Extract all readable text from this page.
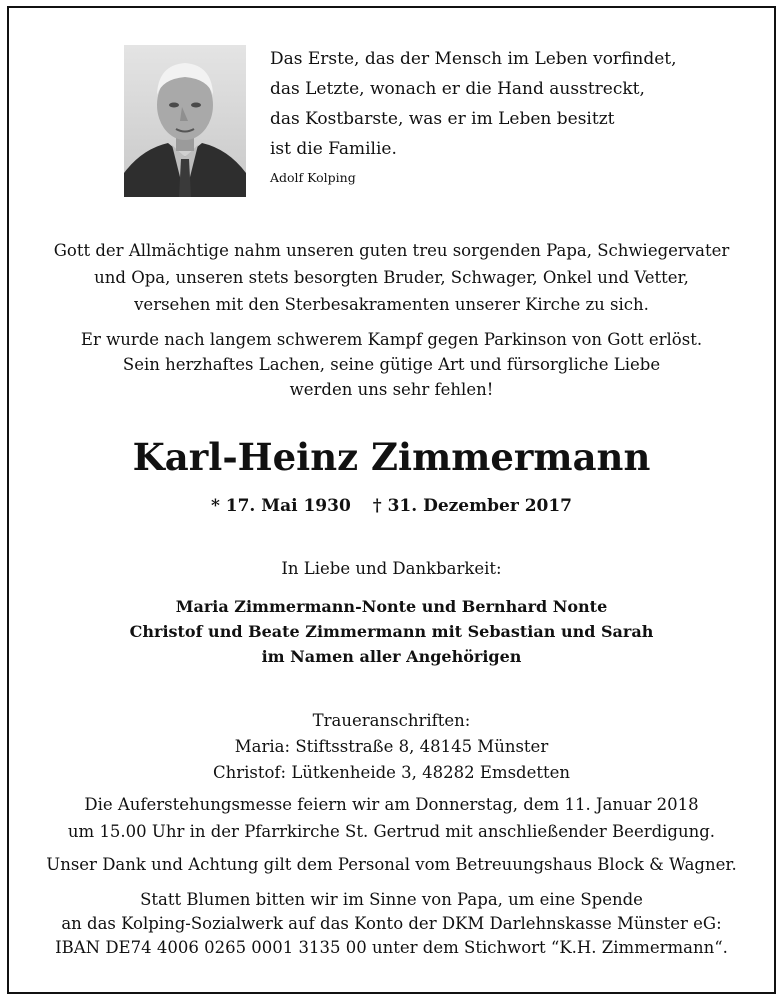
Das Erste, das der Mensch im Leben vorfindet,
das Letzte, wonach er die Hand ausstreckt,
das Kostbarste, was er im Leben besitzt
ist die Familie.
Adolf Kolping
Gott der Allmächtige nahm unseren guten treu sorgenden Papa, Schwiegervater
und Opa, unseren stets besorgten Bruder, Schwager, Onkel und Vetter,
versehen mit den Sterbesakramenten unserer Kirche zu sich.
Er wurde nach langem schwerem Kampf gegen Parkinson von Gott erlöst.
Sein herzhaftes Lachen, seine gütige Art und fürsorgliche Liebe
werden uns sehr fehlen!
Karl-Heinz Zimmermann
* 17. Mai 1930 † 31. Dezember 2017
In Liebe und Dankbarkeit:
Maria Zimmermann-Nonte und Bernhard Nonte
Christof und Beate Zimmermann mit Sebastian und Sarah
im Namen aller Angehörigen
Traueranschriften:
Maria: Stiftsstraße 8, 48145 Münster
Christof: Lütkenheide 3, 48282 Emsdetten
Die Auferstehungsmesse feiern wir am Donnerstag, dem 11. Januar 2018
um 15.00 Uhr in der Pfarrkirche St. Gertrud mit anschließender Beerdigung.
Unser Dank und Achtung gilt dem Personal vom Betreuungshaus Block & Wagner.
Statt Blumen bitten wir im Sinne von Papa, um eine Spende
an das Kolping-Sozialwerk auf das Konto der DKM Darlehnskasse Münster eG:
IBAN DE74 4006 0265 0001 3135 00 unter dem Stichwort “K.H. Zimmermann“.
